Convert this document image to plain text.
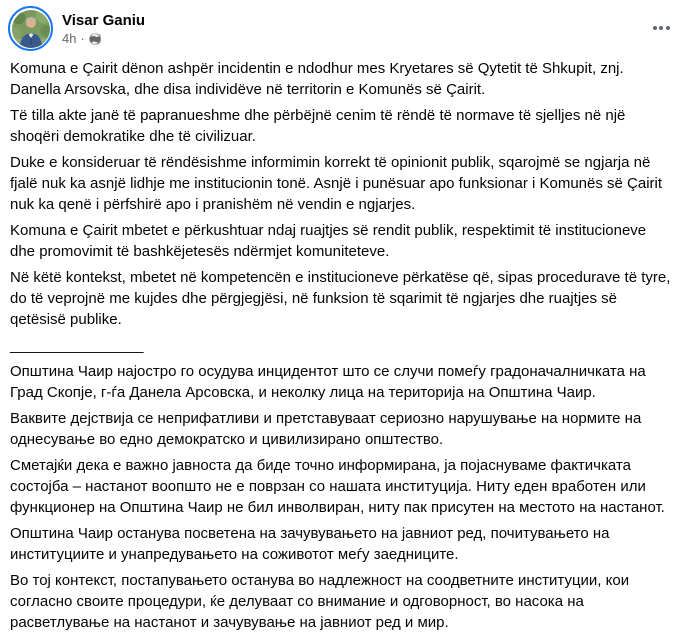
Visar Ganiu
4h ·

Komuna e Çairit dënon ashpër incidentin e ndodhur mes Kryetares së Qytetit të Shkupit, znj. Danella Arsovska, dhe disa individëve në territorin e Komunës së Çairit.

Të tilla akte janë të papranueshme dhe përbëjnë cenim të rëndë të normave të sjelljes në një shoqëri demokratike dhe të civilizuar.

Duke e konsideruar të rëndësishme informimin korrekt të opinionit publik, sqarojmë se ngjarja në fjalë nuk ka asnjë lidhje me institucionin tonë. Asnjë i punësuar apo funksionar i Komunës së Çairit nuk ka qenë i përfshirë apo i pranishëm në vendin e ngjarjes.

Komuna e Çairit mbetet e përkushtuar ndaj ruajtjes së rendit publik, respektimit të institucioneve dhe promovimit të bashkëjetesës ndërmjet komuniteteve.

Në këtë kontekst, mbetet në kompetencën e institucioneve përkatëse që, sipas procedurave të tyre, do të veprojnë me kujdes dhe përgjegjësi, në funksion të sqarimit të ngjarjes dhe ruajtjes së qetësisë publike.

________________

Општина Чаир најостро го осудува инцидентот што се случи помеѓу градоначалничката на Град Скопје, г-ѓа Данела Арсовска, и неколку лица на територија на Општина Чаир.

Ваквите дејствија се неприфатливи и претставуваат сериозно нарушување на нормите на однесување во едно демократско и цивилизирано општество.

Сметајќи дека е важно јавноста да биде точно информирана, ја појаснуваме фактичката состојба – настанот воопшто не е поврзан со нашата институција. Ниту еден вработен или функционер на Општина Чаир не бил инволвиран, ниту пак присутен на местото на настанот.

Општина Чаир останува посветена на зачувувањето на јавниот ред, почитувањето на институциите и унапредувањето на соживотот меѓу заедниците.

Во тој контекст, постапувањето останува во надлежност на соодветните институции, кои согласно своите процедури, ќе делуваат со внимание и одговорност, во насока на расветлување на настанот и зачувување на јавниот ред и мир.
